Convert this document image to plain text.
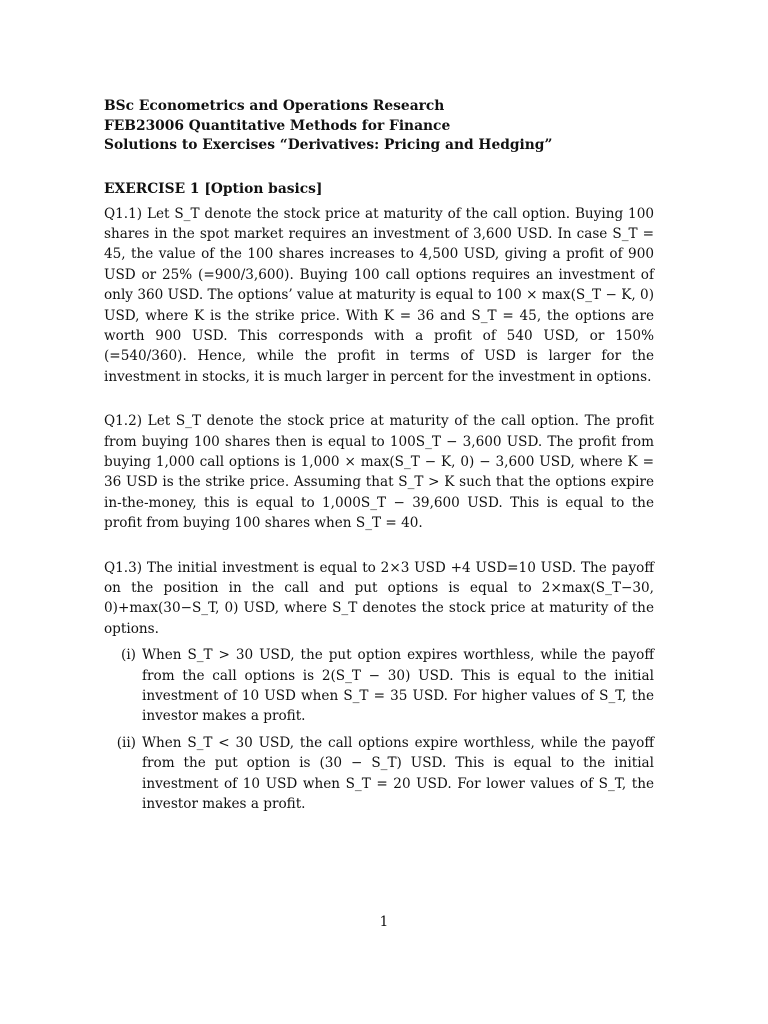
BSc Econometrics and Operations Research
FEB23006 Quantitative Methods for Finance
Solutions to Exercises “Derivatives: Pricing and Hedging”
EXERCISE 1 [Option basics]
Q1.1) Let S_T denote the stock price at maturity of the call option. Buying 100 shares in the spot market requires an investment of 3,600 USD. In case S_T = 45, the value of the 100 shares increases to 4,500 USD, giving a profit of 900 USD or 25% (=900/3,600). Buying 100 call options requires an investment of only 360 USD. The options’ value at maturity is equal to 100 × max(S_T − K, 0) USD, where K is the strike price. With K = 36 and S_T = 45, the options are worth 900 USD. This corresponds with a profit of 540 USD, or 150% (=540/360). Hence, while the profit in terms of USD is larger for the investment in stocks, it is much larger in percent for the investment in options.
Q1.2) Let S_T denote the stock price at maturity of the call option. The profit from buying 100 shares then is equal to 100S_T − 3,600 USD. The profit from buying 1,000 call options is 1,000 × max(S_T − K, 0) − 3,600 USD, where K = 36 USD is the strike price. Assuming that S_T > K such that the options expire in-the-money, this is equal to 1,000S_T − 39,600 USD. This is equal to the profit from buying 100 shares when S_T = 40.
Q1.3) The initial investment is equal to 2×3 USD +4 USD=10 USD. The payoff on the position in the call and put options is equal to 2×max(S_T−30, 0)+max(30−S_T, 0) USD, where S_T denotes the stock price at maturity of the options.
(i) When S_T > 30 USD, the put option expires worthless, while the payoff from the call options is 2(S_T − 30) USD. This is equal to the initial investment of 10 USD when S_T = 35 USD. For higher values of S_T, the investor makes a profit.
(ii) When S_T < 30 USD, the call options expire worthless, while the payoff from the put option is (30 − S_T) USD. This is equal to the initial investment of 10 USD when S_T = 20 USD. For lower values of S_T, the investor makes a profit.
1
